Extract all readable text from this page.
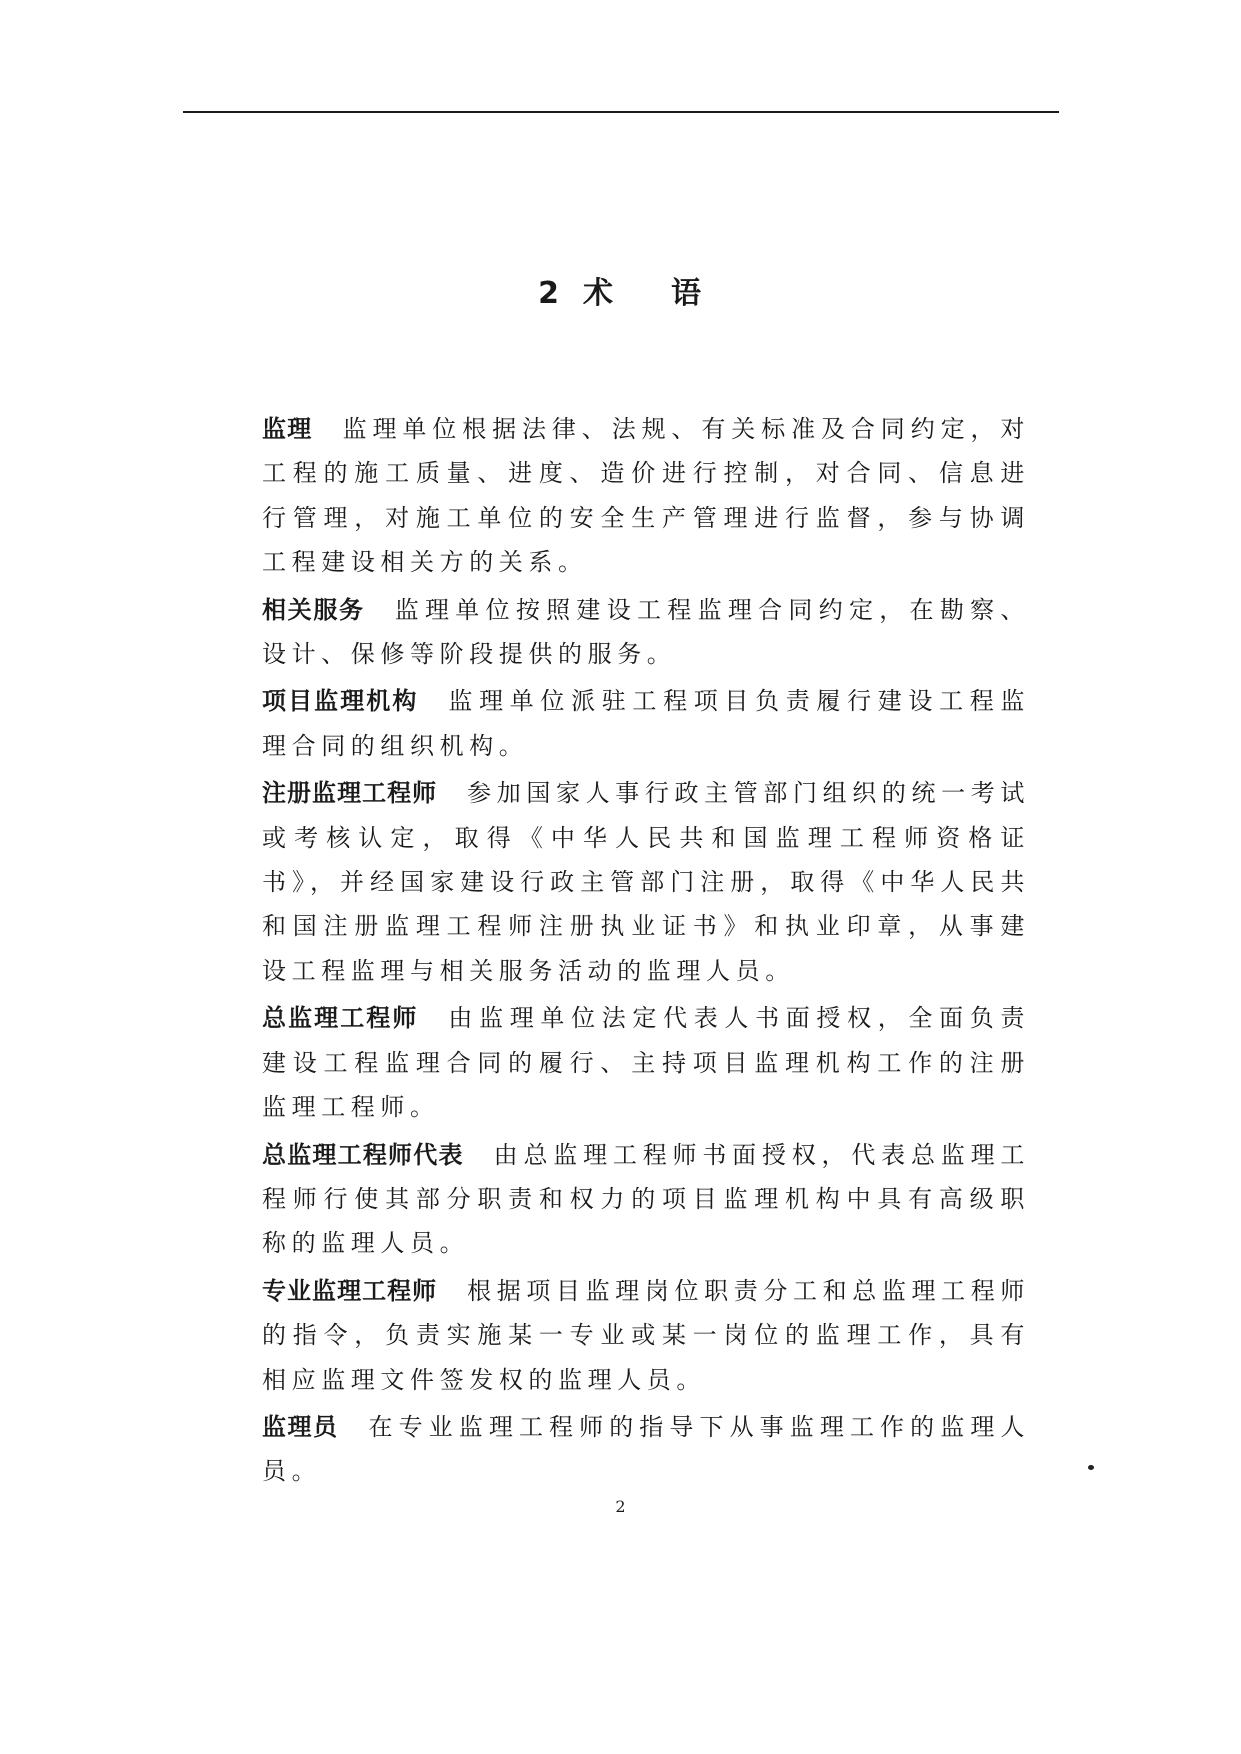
2 术 语

监理 监理单位根据法律、法规、有关标准及合同约定，对工程的施工质量、进度、造价进行控制，对合同、信息进行管理，对施工单位的安全生产管理进行监督，参与协调工程建设相关方的关系。

相关服务 监理单位按照建设工程监理合同约定，在勘察、设计、保修等阶段提供的服务。

项目监理机构 监理单位派驻工程项目负责履行建设工程监理合同的组织机构。

注册监理工程师 参加国家人事行政主管部门组织的统一考试或考核认定，取得《中华人民共和国监理工程师资格证书》，并经国家建设行政主管部门注册，取得《中华人民共和国注册监理工程师注册执业证书》和执业印章，从事建设工程监理与相关服务活动的监理人员。

总监理工程师 由监理单位法定代表人书面授权，全面负责建设工程监理合同的履行、主持项目监理机构工作的注册监理工程师。

总监理工程师代表 由总监理工程师书面授权，代表总监理工程师行使其部分职责和权力的项目监理机构中具有高级职称的监理人员。

专业监理工程师 根据项目监理岗位职责分工和总监理工程师的指令，负责实施某一专业或某一岗位的监理工作，具有相应监理文件签发权的监理人员。

监理员 在专业监理工程师的指导下从事监理工作的监理人员。

2
